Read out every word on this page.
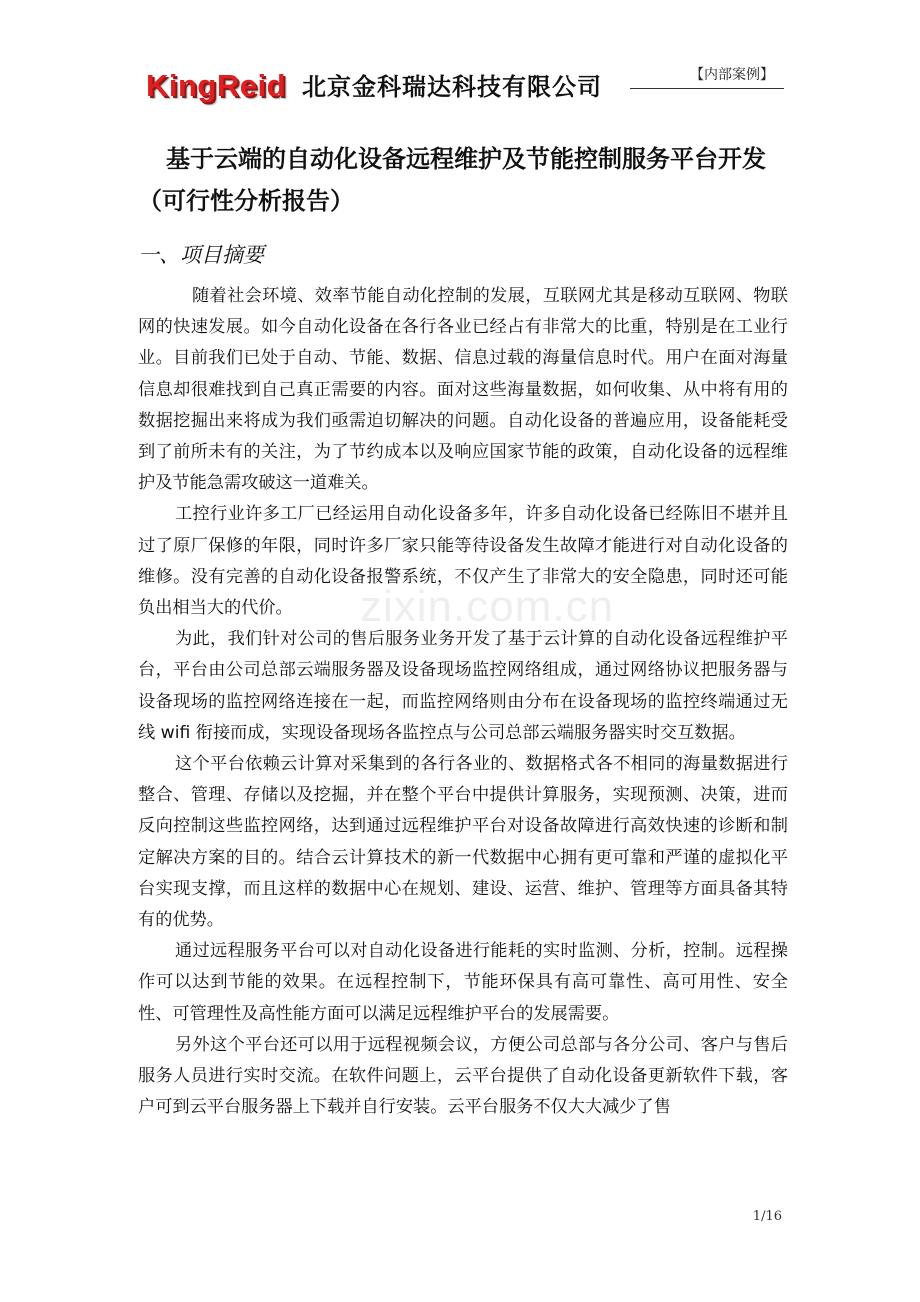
KingReid 北京金科瑞达科技有限公司	【内部案例】
基于云端的自动化设备远程维护及节能控制服务平台开发
（可行性分析报告）
一、项目摘要

随着社会环境、效率节能自动化控制的发展，互联网尤其是移动互联网、物联网的快速发展。如今自动化设备在各行各业已经占有非常大的比重，特别是在工业行业。目前我们已处于自动、节能、数据、信息过载的海量信息时代。用户在面对海量信息却很难找到自己真正需要的内容。面对这些海量数据，如何收集、从中将有用的数据挖掘出来将成为我们亟需迫切解决的问题。自动化设备的普遍应用，设备能耗受到了前所未有的关注，为了节约成本以及响应国家节能的政策，自动化设备的远程维护及节能急需攻破这一道难关。

工控行业许多工厂已经运用自动化设备多年，许多自动化设备已经陈旧不堪并且过了原厂保修的年限，同时许多厂家只能等待设备发生故障才能进行对自动化设备的维修。没有完善的自动化设备报警系统，不仅产生了非常大的安全隐患，同时还可能负出相当大的代价。

为此，我们针对公司的售后服务业务开发了基于云计算的自动化设备远程维护平台，平台由公司总部云端服务器及设备现场监控网络组成，通过网络协议把服务器与设备现场的监控网络连接在一起，而监控网络则由分布在设备现场的监控终端通过无线 wifi 衔接而成，实现设备现场各监控点与公司总部云端服务器实时交互数据。

这个平台依赖云计算对采集到的各行各业的、数据格式各不相同的海量数据进行整合、管理、存储以及挖掘，并在整个平台中提供计算服务，实现预测、决策，进而反向控制这些监控网络，达到通过远程维护平台对设备故障进行高效快速的诊断和制定解决方案的目的。结合云计算技术的新一代数据中心拥有更可靠和严谨的虚拟化平台实现支撑，而且这样的数据中心在规划、建设、运营、维护、管理等方面具备其特有的优势。

通过远程服务平台可以对自动化设备进行能耗的实时监测、分析，控制。远程操作可以达到节能的效果。在远程控制下，节能环保具有高可靠性、高可用性、安全性、可管理性及高性能方面可以满足远程维护平台的发展需要。

另外这个平台还可以用于远程视频会议，方便公司总部与各分公司、客户与售后服务人员进行实时交流。在软件问题上，云平台提供了自动化设备更新软件下载，客户可到云平台服务器上下载并自行安装。云平台服务不仅大大减少了售

zixin.com.cn
1/16
